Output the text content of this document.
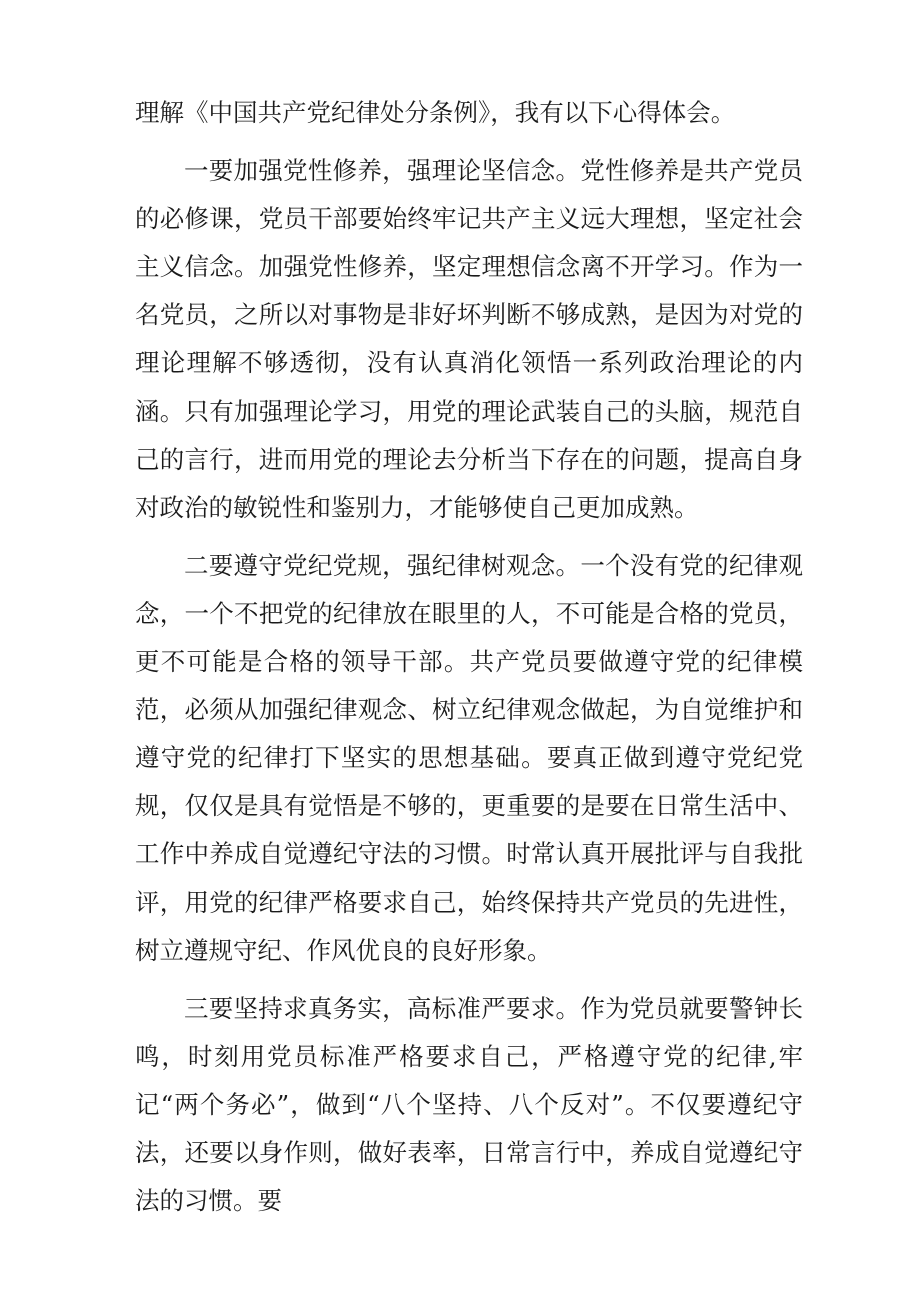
理解《中国共产党纪律处分条例》，我有以下心得体会。

一要加强党性修养，强理论坚信念。党性修养是共产党员的必修课，党员干部要始终牢记共产主义远大理想，坚定社会主义信念。加强党性修养，坚定理想信念离不开学习。作为一名党员，之所以对事物是非好坏判断不够成熟，是因为对党的理论理解不够透彻，没有认真消化领悟一系列政治理论的内涵。只有加强理论学习，用党的理论武装自己的头脑，规范自己的言行，进而用党的理论去分析当下存在的问题，提高自身对政治的敏锐性和鉴别力，才能够使自己更加成熟。

二要遵守党纪党规，强纪律树观念。一个没有党的纪律观念，一个不把党的纪律放在眼里的人，不可能是合格的党员，更不可能是合格的领导干部。共产党员要做遵守党的纪律模范，必须从加强纪律观念、树立纪律观念做起，为自觉维护和遵守党的纪律打下坚实的思想基础。要真正做到遵守党纪党规，仅仅是具有觉悟是不够的，更重要的是要在日常生活中、工作中养成自觉遵纪守法的习惯。时常认真开展批评与自我批评，用党的纪律严格要求自己，始终保持共产党员的先进性，树立遵规守纪、作风优良的良好形象。

三要坚持求真务实，高标准严要求。作为党员就要警钟长鸣，时刻用党员标准严格要求自己，严格遵守党的纪律,牢记“两个务必”，做到“八个坚持、八个反对”。不仅要遵纪守法，还要以身作则，做好表率，日常言行中，养成自觉遵纪守法的习惯。要
